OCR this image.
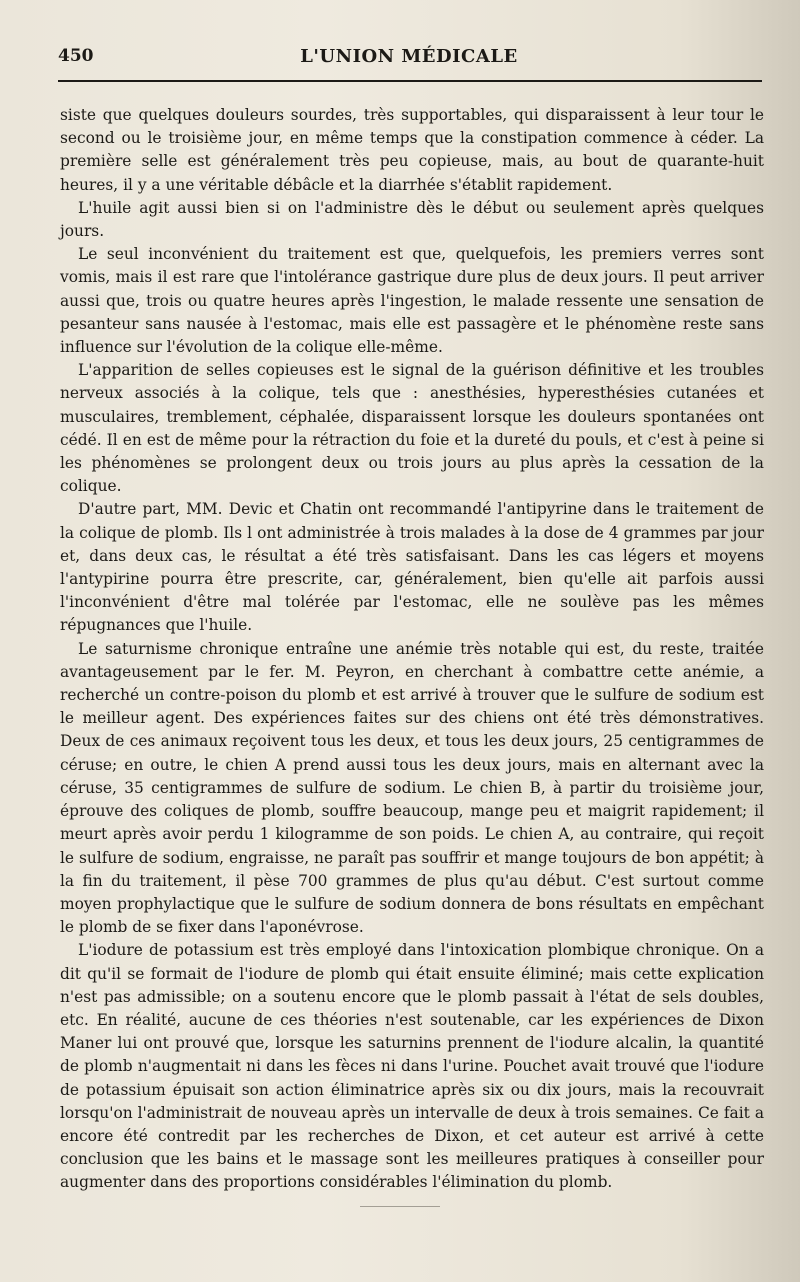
450	L'UNION MÉDICALE

siste que quelques douleurs sourdes, très supportables, qui disparaissent à leur tour le second ou le troisième jour, en même temps que la constipation commence à céder. La première selle est généralement très peu copieuse, mais, au bout de quarante-huit heures, il y a une véritable débâcle et la diarrhée s'établit rapidement.

L'huile agit aussi bien si on l'administre dès le début ou seulement après quelques jours.

Le seul inconvénient du traitement est que, quelquefois, les premiers verres sont vomis, mais il est rare que l'intolérance gastrique dure plus de deux jours. Il peut arriver aussi que, trois ou quatre heures après l'ingestion, le malade ressente une sensation de pesanteur sans nausée à l'estomac, mais elle est passagère et le phénomène reste sans influence sur l'évolution de la colique elle-même.

L'apparition de selles copieuses est le signal de la guérison définitive et les troubles nerveux associés à la colique, tels que : anesthésies, hyperesthésies cutanées et musculaires, tremblement, céphalée, disparaissent lorsque les douleurs spontanées ont cédé. Il en est de même pour la rétraction du foie et la dureté du pouls, et c'est à peine si les phénomènes se prolongent deux ou trois jours au plus après la cessation de la colique.

D'autre part, MM. Devic et Chatin ont recommandé l'antipyrine dans le traitement de la colique de plomb. Ils l ont administrée à trois malades à la dose de 4 grammes par jour et, dans deux cas, le résultat a été très satisfaisant. Dans les cas légers et moyens l'antypirine pourra être prescrite, car, généralement, bien qu'elle ait parfois aussi l'inconvénient d'être mal tolérée par l'estomac, elle ne soulève pas les mêmes répugnances que l'huile.

Le saturnisme chronique entraîne une anémie très notable qui est, du reste, traitée avantageusement par le fer. M. Peyron, en cherchant à combattre cette anémie, a recherché un contre-poison du plomb et est arrivé à trouver que le sulfure de sodium est le meilleur agent. Des expériences faites sur des chiens ont été très démonstratives. Deux de ces animaux reçoivent tous les deux, et tous les deux jours, 25 centigrammes de céruse; en outre, le chien A prend aussi tous les deux jours, mais en alternant avec la céruse, 35 centigrammes de sulfure de sodium. Le chien B, à partir du troisième jour, éprouve des coliques de plomb, souffre beaucoup, mange peu et maigrit rapidement; il meurt après avoir perdu 1 kilogramme de son poids. Le chien A, au contraire, qui reçoit le sulfure de sodium, engraisse, ne paraît pas souffrir et mange toujours de bon appétit; à la fin du traitement, il pèse 700 grammes de plus qu'au début. C'est surtout comme moyen prophylactique que le sulfure de sodium donnera de bons résultats en empêchant le plomb de se fixer dans l'aponévrose.

L'iodure de potassium est très employé dans l'intoxication plombique chronique. On a dit qu'il se formait de l'iodure de plomb qui était ensuite éliminé; mais cette explication n'est pas admissible; on a soutenu encore que le plomb passait à l'état de sels doubles, etc. En réalité, aucune de ces théories n'est soutenable, car les expériences de Dixon Maner lui ont prouvé que, lorsque les saturnins prennent de l'iodure alcalin, la quantité de plomb n'augmentait ni dans les fèces ni dans l'urine. Pouchet avait trouvé que l'iodure de potassium épuisait son action éliminatrice après six ou dix jours, mais la recouvrait lorsqu'on l'administrait de nouveau après un intervalle de deux à trois semaines. Ce fait a encore été contredit par les recherches de Dixon, et cet auteur est arrivé à cette conclusion que les bains et le massage sont les meilleures pratiques à conseiller pour augmenter dans des proportions considérables l'élimination du plomb.
